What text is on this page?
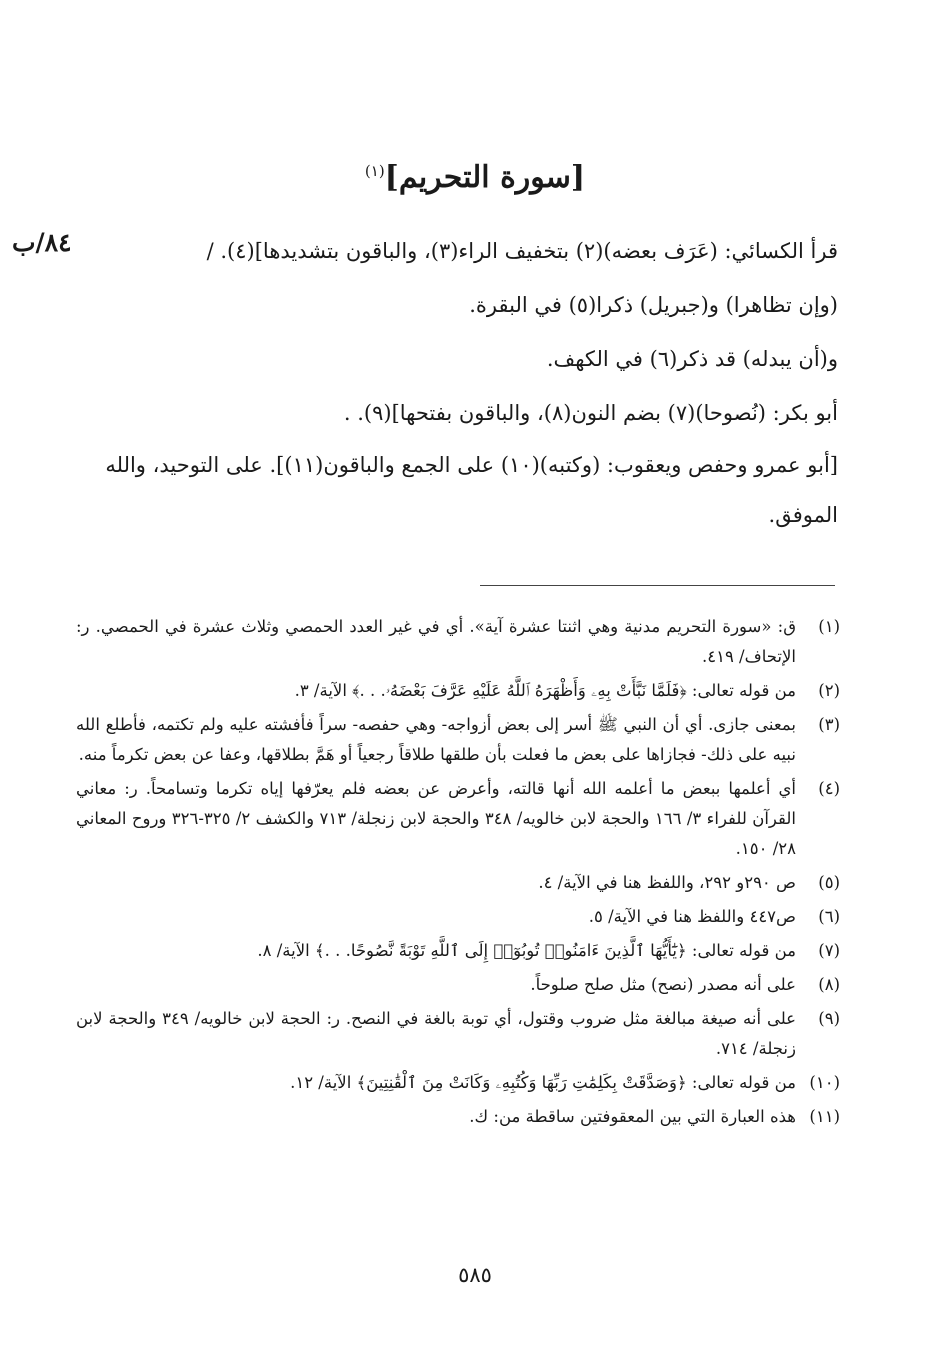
[سورة التحريم]$^{(١)}$
٨٤/ب	قرأ الكسائي: (عَرَف بعضه)(٢) بتخفيف الراء(٣)، والباقون بتشديدها](٤). /

(وإن تظاهرا) و(جبريل) ذكرا(٥) في البقرة.

و(أن يبدله) قد ذكر(٦) في الكهف.

أبو بكر: (نُصوحا)(٧) بضم النون(٨)، والباقون بفتحها](٩). .

[أبو عمرو وحفص ويعقوب: (وكتبه)(١٠) على الجمع والباقون(١١)]. على التوحيد، والله الموفق.

(١)
ق: «سورة التحريم مدنية وهي اثنتا عشرة آية». أي في غير العدد الحمصي وثلاث عشرة في الحمصي. ر: الإتحاف/ ٤١٩.
(٢)
من قوله تعالى: ﴿فَلَمَّا نَبَّأَتْ بِهِۦ وَأَظْهَرَهُ ٱللَّهُ عَلَيْهِ عَرَّفَ بَعْضَهُۥ. . .﴾ الآية/ ٣.
(٣)
بمعنى جازى. أي أن النبي ﷺ أسر إلى بعض أزواجه- وهي حفصه- سراً فأفشته عليه ولم تكتمه، فأطلع الله نبيه على ذلك- فجازاها على بعض ما فعلت بأن طلقها طلاقاً رجعياً أو هَمَّ بطلاقها، وعفا عن بعض تكرماً منه.
(٤)
أي أعلمها ببعض ما أعلمه الله أنها قالته، وأعرض عن بعضه فلم يعرّفها إياه تكرما وتسامحاً. ر: معاني القرآن للفراء ٣/ ١٦٦ والحجة لابن خالويه/ ٣٤٨ والحجة لابن زنجلة/ ٧١٣ والكشف ٢/ ٣٢٥-٣٢٦ وروح المعاني ٢٨/ ١٥٠.
(٥)
ص ٢٩٠و ٢٩٢، واللفظ هنا في الآية/ ٤.
(٦)
ص٤٤٧ واللفظ هنا في الآية/ ٥.
(٧)
من قوله تعالى: ﴿يَٰٓأَيُّهَا ٱلَّذِينَ ءَامَنُوا۟ تُوبُوٓا۟ إِلَى ٱللَّهِ تَوْبَةً نَّصُوحًا. . .﴾ الآية/ ٨.
(٨)
على أنه مصدر (نصح) مثل صلح صلوحاً.
(٩)
على أنه صيغة مبالغة مثل ضروب وقتول، أي توبة بالغة في النصح. ر: الحجة لابن خالويه/ ٣٤٩ والحجة لابن زنجلة/ ٧١٤.
(١٠)
من قوله تعالى: ﴿وَصَدَّقَتْ بِكَلِمَٰتِ رَبِّهَا وَكُتُبِهِۦ وَكَانَتْ مِنَ ٱلْقَٰنِتِينَ﴾ الآية/ ١٢.
(١١)
هذه العبارة التي بين المعقوفتين ساقطة من: ك.
٥٨٥
